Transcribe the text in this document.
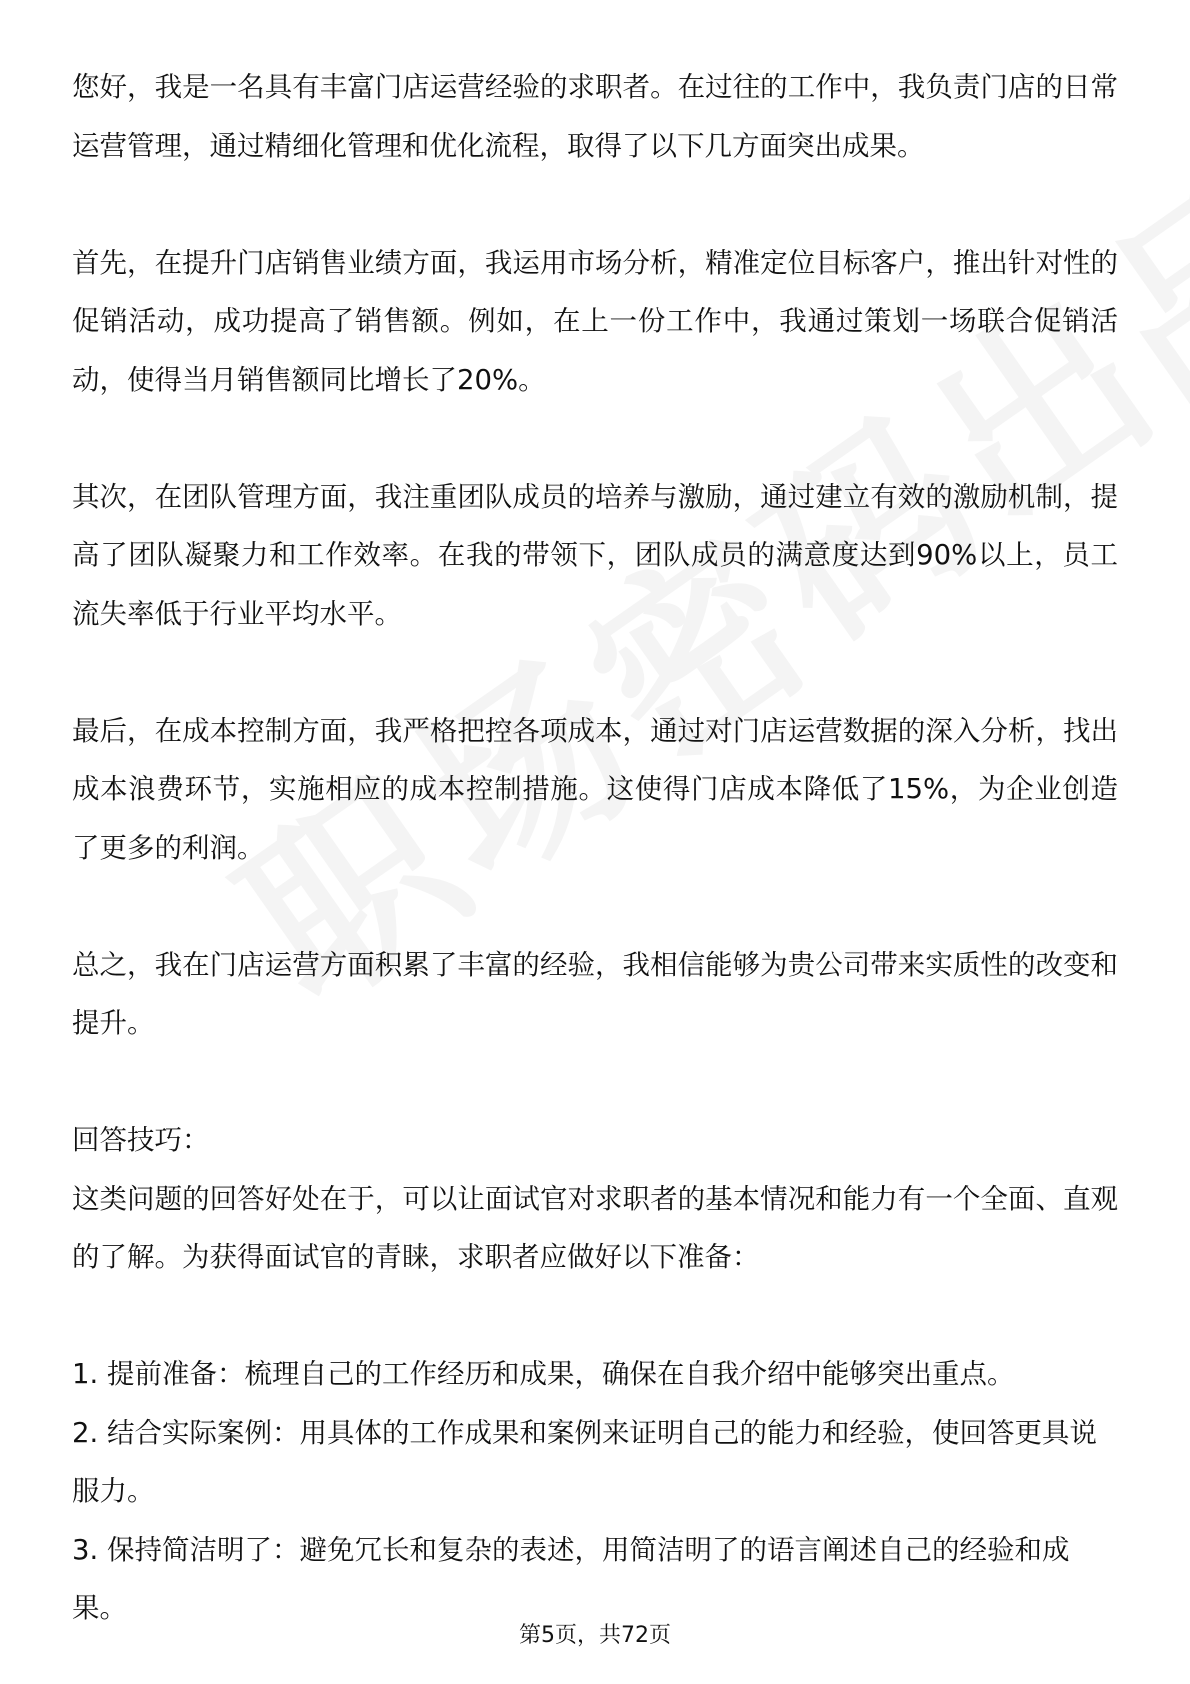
您好，我是一名具有丰富门店运营经验的求职者。在过往的工作中，我负责门店的日常运营管理，通过精细化管理和优化流程，取得了以下几方面突出成果。

首先，在提升门店销售业绩方面，我运用市场分析，精准定位目标客户，推出针对性的促销活动，成功提高了销售额。例如，在上一份工作中，我通过策划一场联合促销活动，使得当月销售额同比增长了20%。

其次，在团队管理方面，我注重团队成员的培养与激励，通过建立有效的激励机制，提高了团队凝聚力和工作效率。在我的带领下，团队成员的满意度达到90%以上，员工流失率低于行业平均水平。

最后，在成本控制方面，我严格把控各项成本，通过对门店运营数据的深入分析，找出成本浪费环节，实施相应的成本控制措施。这使得门店成本降低了15%，为企业创造了更多的利润。

总之，我在门店运营方面积累了丰富的经验，我相信能够为贵公司带来实质性的改变和提升。

回答技巧：

这类问题的回答好处在于，可以让面试官对求职者的基本情况和能力有一个全面、直观的了解。为获得面试官的青睐，求职者应做好以下准备：

1. 提前准备：梳理自己的工作经历和成果，确保在自我介绍中能够突出重点。
2. 结合实际案例：用具体的工作成果和案例来证明自己的能力和经验，使回答更具说服力。
3. 保持简洁明了：避免冗长和复杂的表述，用简洁明了的语言阐述自己的经验和成果。
第5页，共72页
